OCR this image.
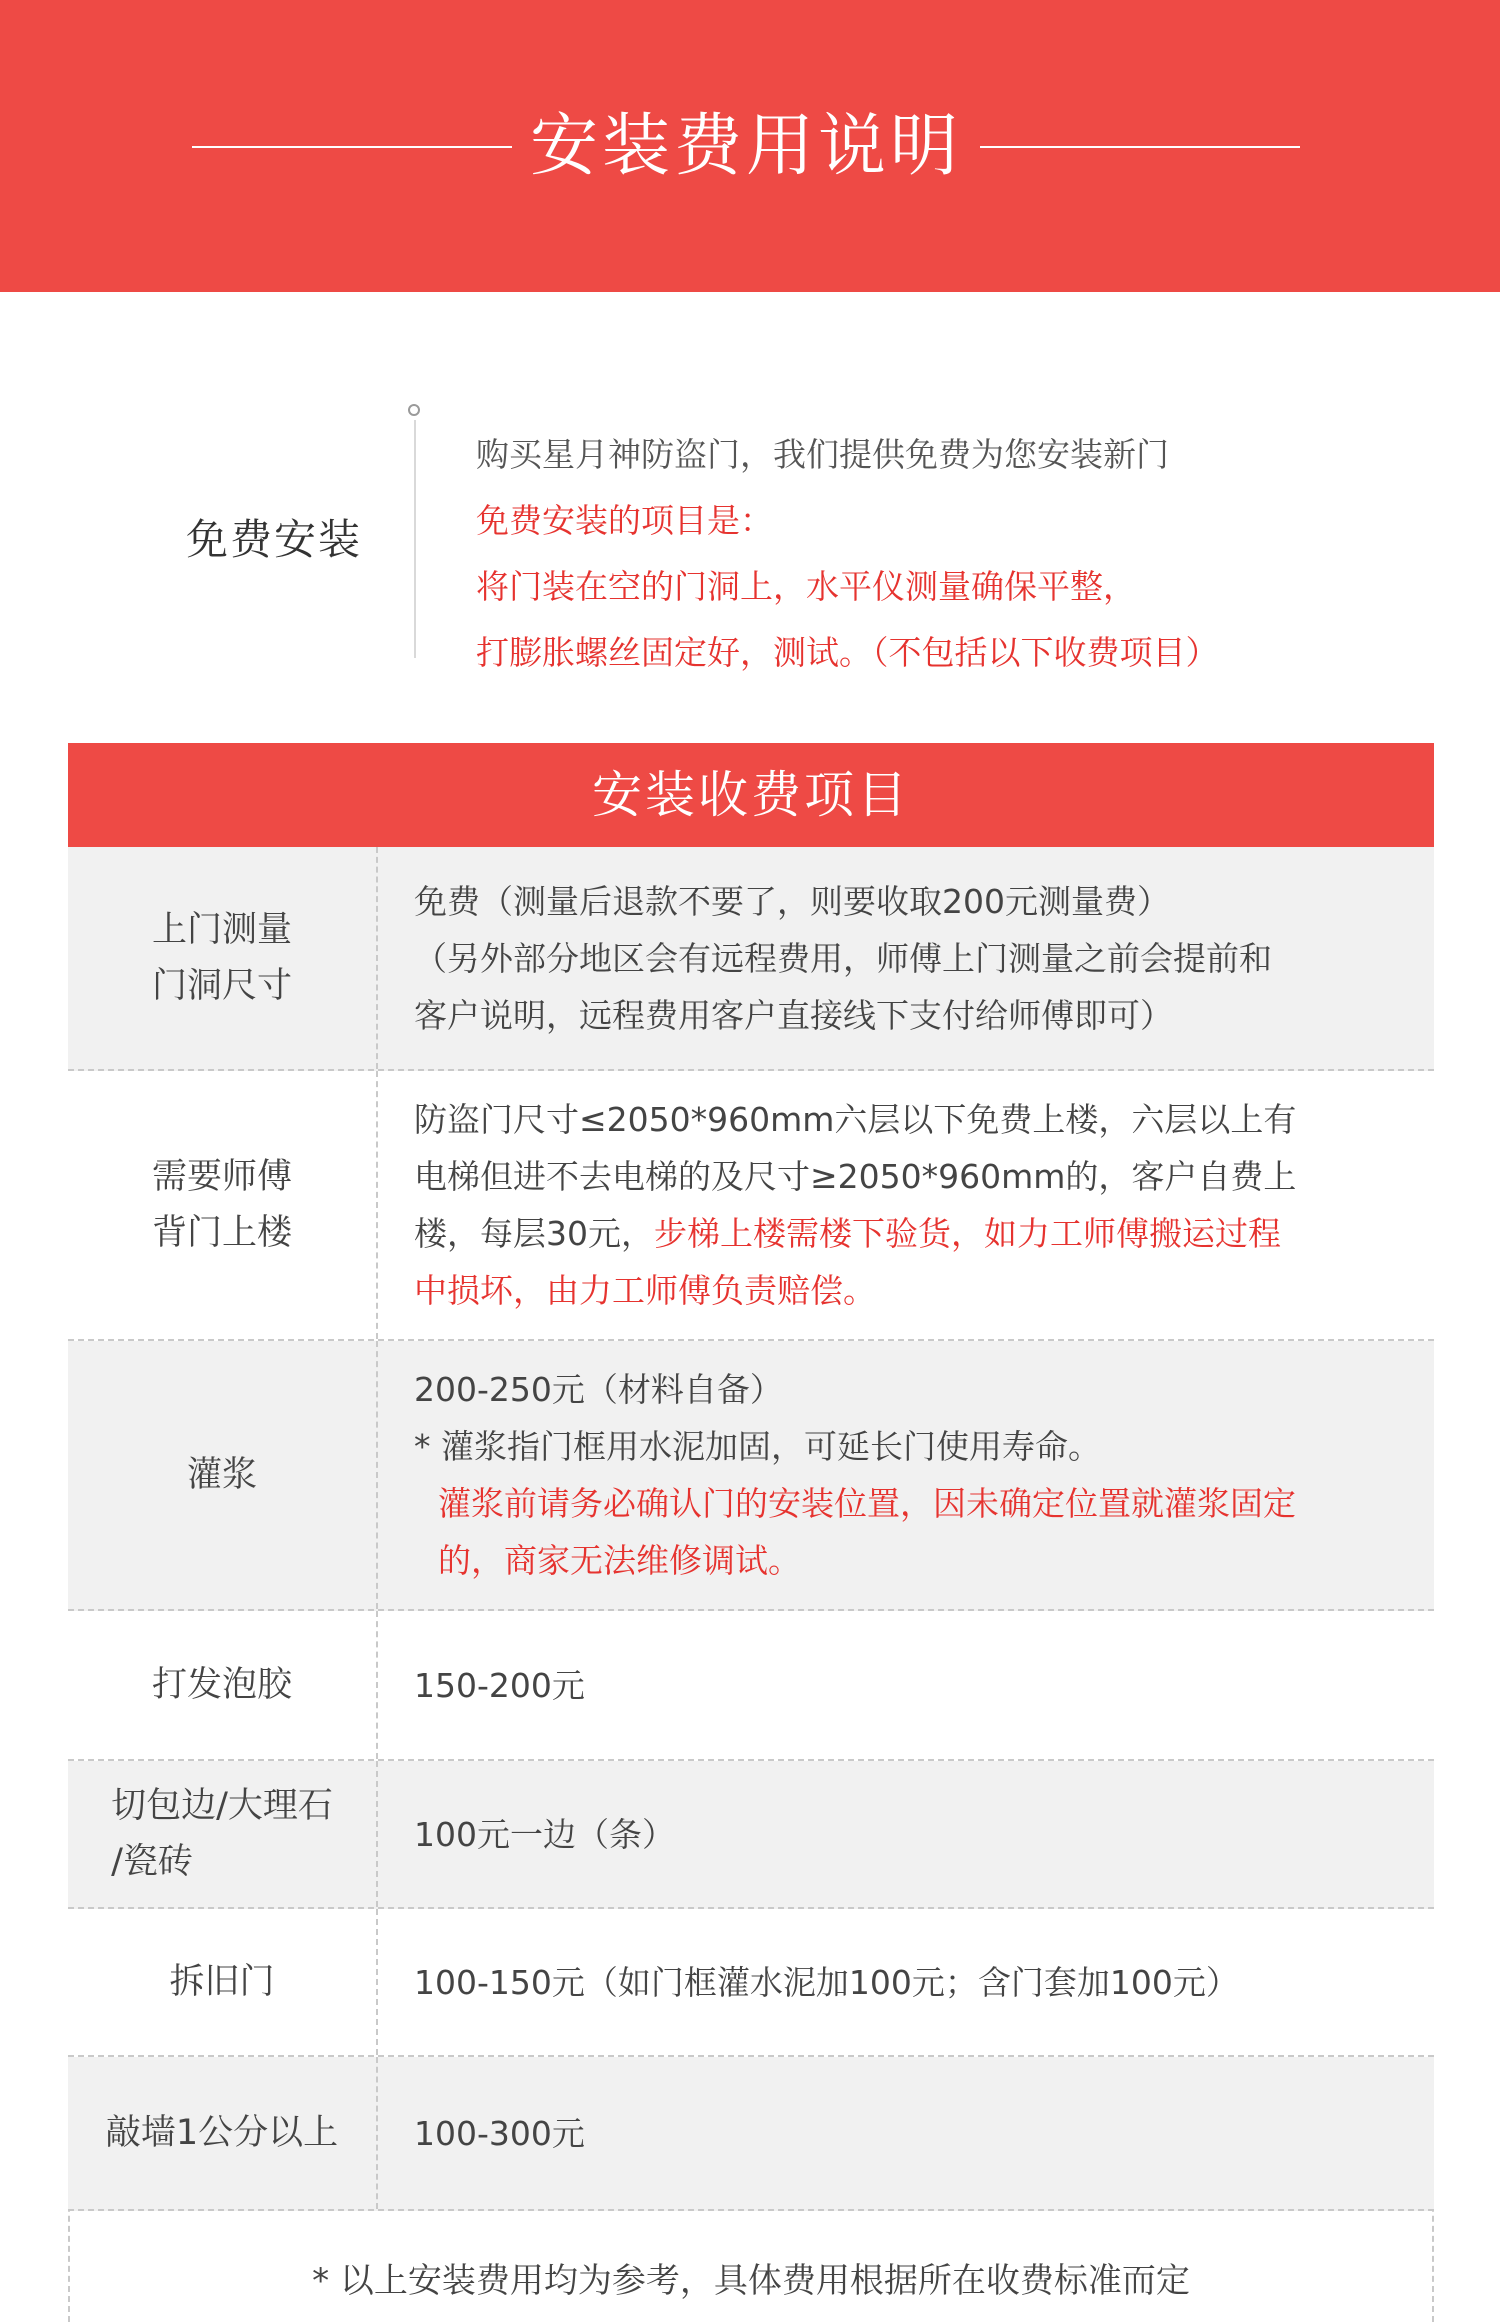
安装费用说明
免费安装
购买星月神防盗门，我们提供免费为您安装新门
免费安装的项目是：
将门装在空的门洞上，水平仪测量确保平整，
打膨胀螺丝固定好，测试。（不包括以下收费项目）
安装收费项目
上门测量
门洞尺寸
免费（测量后退款不要了，则要收取200元测量费）
（另外部分地区会有远程费用，师傅上门测量之前会提前和
客户说明，远程费用客户直接线下支付给师傅即可）
需要师傅
背门上楼
防盗门尺寸≤2050*960mm六层以下免费上楼，六层以上有
电梯但进不去电梯的及尺寸≥2050*960mm的，客户自费上
楼，每层30元，步梯上楼需楼下验货，如力工师傅搬运过程
中损坏，由力工师傅负责赔偿。
灌浆
200-250元（材料自备）
* 灌浆指门框用水泥加固，可延长门使用寿命。
灌浆前请务必确认门的安装位置，因未确定位置就灌浆固定
的，商家无法维修调试。
打发泡胶	150-200元
切包边/大理石
/瓷砖
100元一边（条）
拆旧门	100-150元（如门框灌水泥加100元；含门套加100元）
敲墙1公分以上 100-300元
* 以上安装费用均为参考，具体费用根据所在收费标准而定
